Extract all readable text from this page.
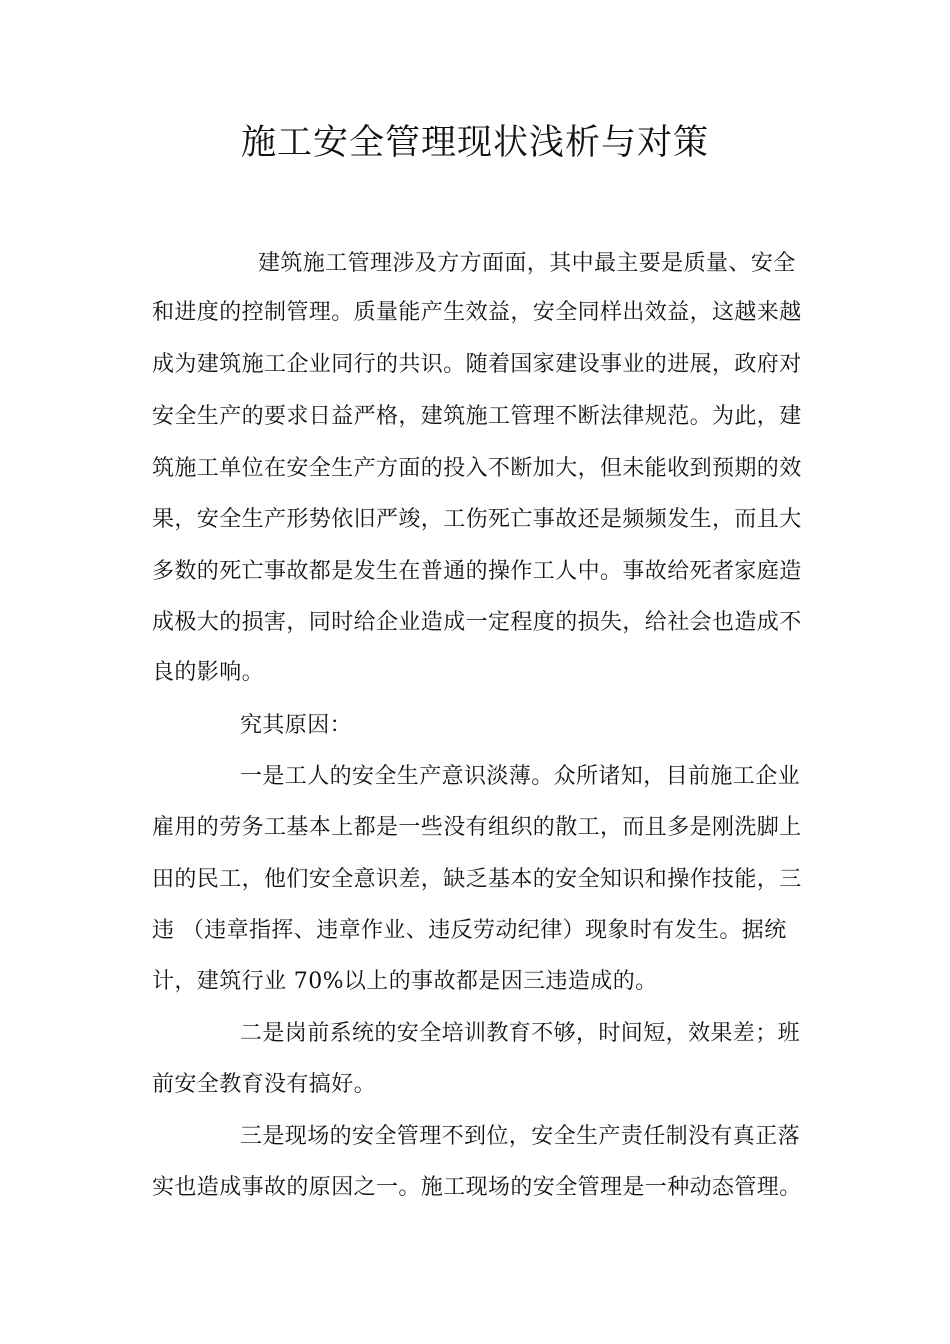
施工安全管理现状浅析与对策
建筑施工管理涉及方方面面，其中最主要是质量、安全
和进度的控制管理。质量能产生效益，安全同样出效益，这越来越
成为建筑施工企业同行的共识。随着国家建设事业的进展，政府对
安全生产的要求日益严格，建筑施工管理不断法律规范。为此，建
筑施工单位在安全生产方面的投入不断加大，但未能收到预期的效
果，安全生产形势依旧严竣，工伤死亡事故还是频频发生，而且大
多数的死亡事故都是发生在普通的操作工人中。事故给死者家庭造
成极大的损害，同时给企业造成一定程度的损失，给社会也造成不
良的影响。
究其原因：
一是工人的安全生产意识淡薄。众所诸知，目前施工企业
雇用的劳务工基本上都是一些没有组织的散工，而且多是刚洗脚上
田的民工，他们安全意识差，缺乏基本的安全知识和操作技能，三
违 （违章指挥、违章作业、违反劳动纪律）现象时有发生。据统
计，建筑行业 70%以上的事故都是因三违造成的。
二是岗前系统的安全培训教育不够，时间短，效果差；班
前安全教育没有搞好。
三是现场的安全管理不到位，安全生产责任制没有真正落
实也造成事故的原因之一。施工现场的安全管理是一种动态管理。
